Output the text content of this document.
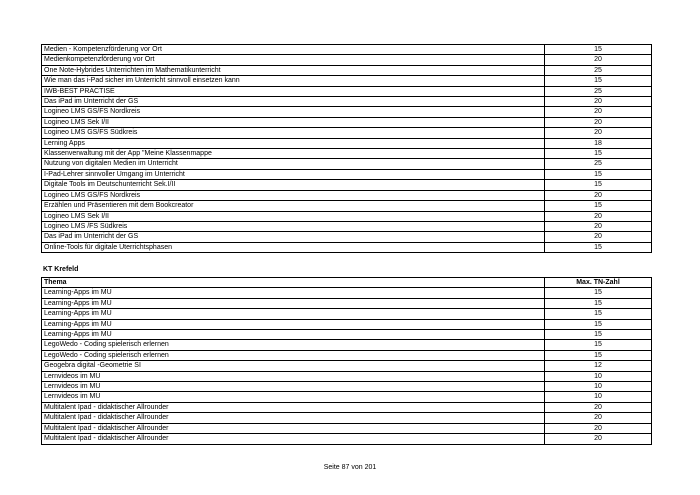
Medien - Kompetenzförderung vor Ort	15
Medienkompetenzförderung vor Ort	20
One Note-Hybrides Unterrichten im Mathematikunterricht	25
Wie man das i-Pad sicher im Unterricht sinnvoll einsetzen kann	15
IWB-BEST PRACTISE	25
Das iPad im Unterricht der GS	20
Logineo LMS GS/FS Nordkreis	20
Logineo LMS Sek I/II	20
Logineo LMS GS/FS Südkreis	20
Lerning Apps	18
Klassenverwaltung mit der App "Meine Klassenmappe	15
Nutzung von digitalen Medien im Unterricht	25
I-Pad-Lehrer sinnvoller Umgang im Unterricht	15
Digitale Tools im Deutschunterricht Sek.I/II	15
Logineo LMS GS/FS Nordkreis	20
Erzählen und Präsentieren mit dem Bookcreator	15
Logineo LMS Sek I/II	20
Logineo LMS /FS Südkreis	20
Das iPad im Unterricht der GS	20
Online-Tools für digitale Uterrichtsphasen	15
KT Krefeld
Thema	Max. TN-Zahl
Learning-Apps im MU	15
Learning-Apps im MU	15
Learning-Apps im MU	15
Learning-Apps im MU	15
Learning-Apps im MU	15
LegoWedo - Coding spielerisch erlernen	15
LegoWedo - Coding spielerisch erlernen	15
Geogebra digital -Geometrie SI	12
Lernvideos im MU	10
Lernvideos im MU	10
Lernvideos im MU	10
Multitalent Ipad - didaktischer Allrounder	20
Multitalent Ipad - didaktischer Allrounder	20
Multitalent Ipad - didaktischer Allrounder	20
Multitalent Ipad - didaktischer Allrounder	20
Seite 87 von 201
